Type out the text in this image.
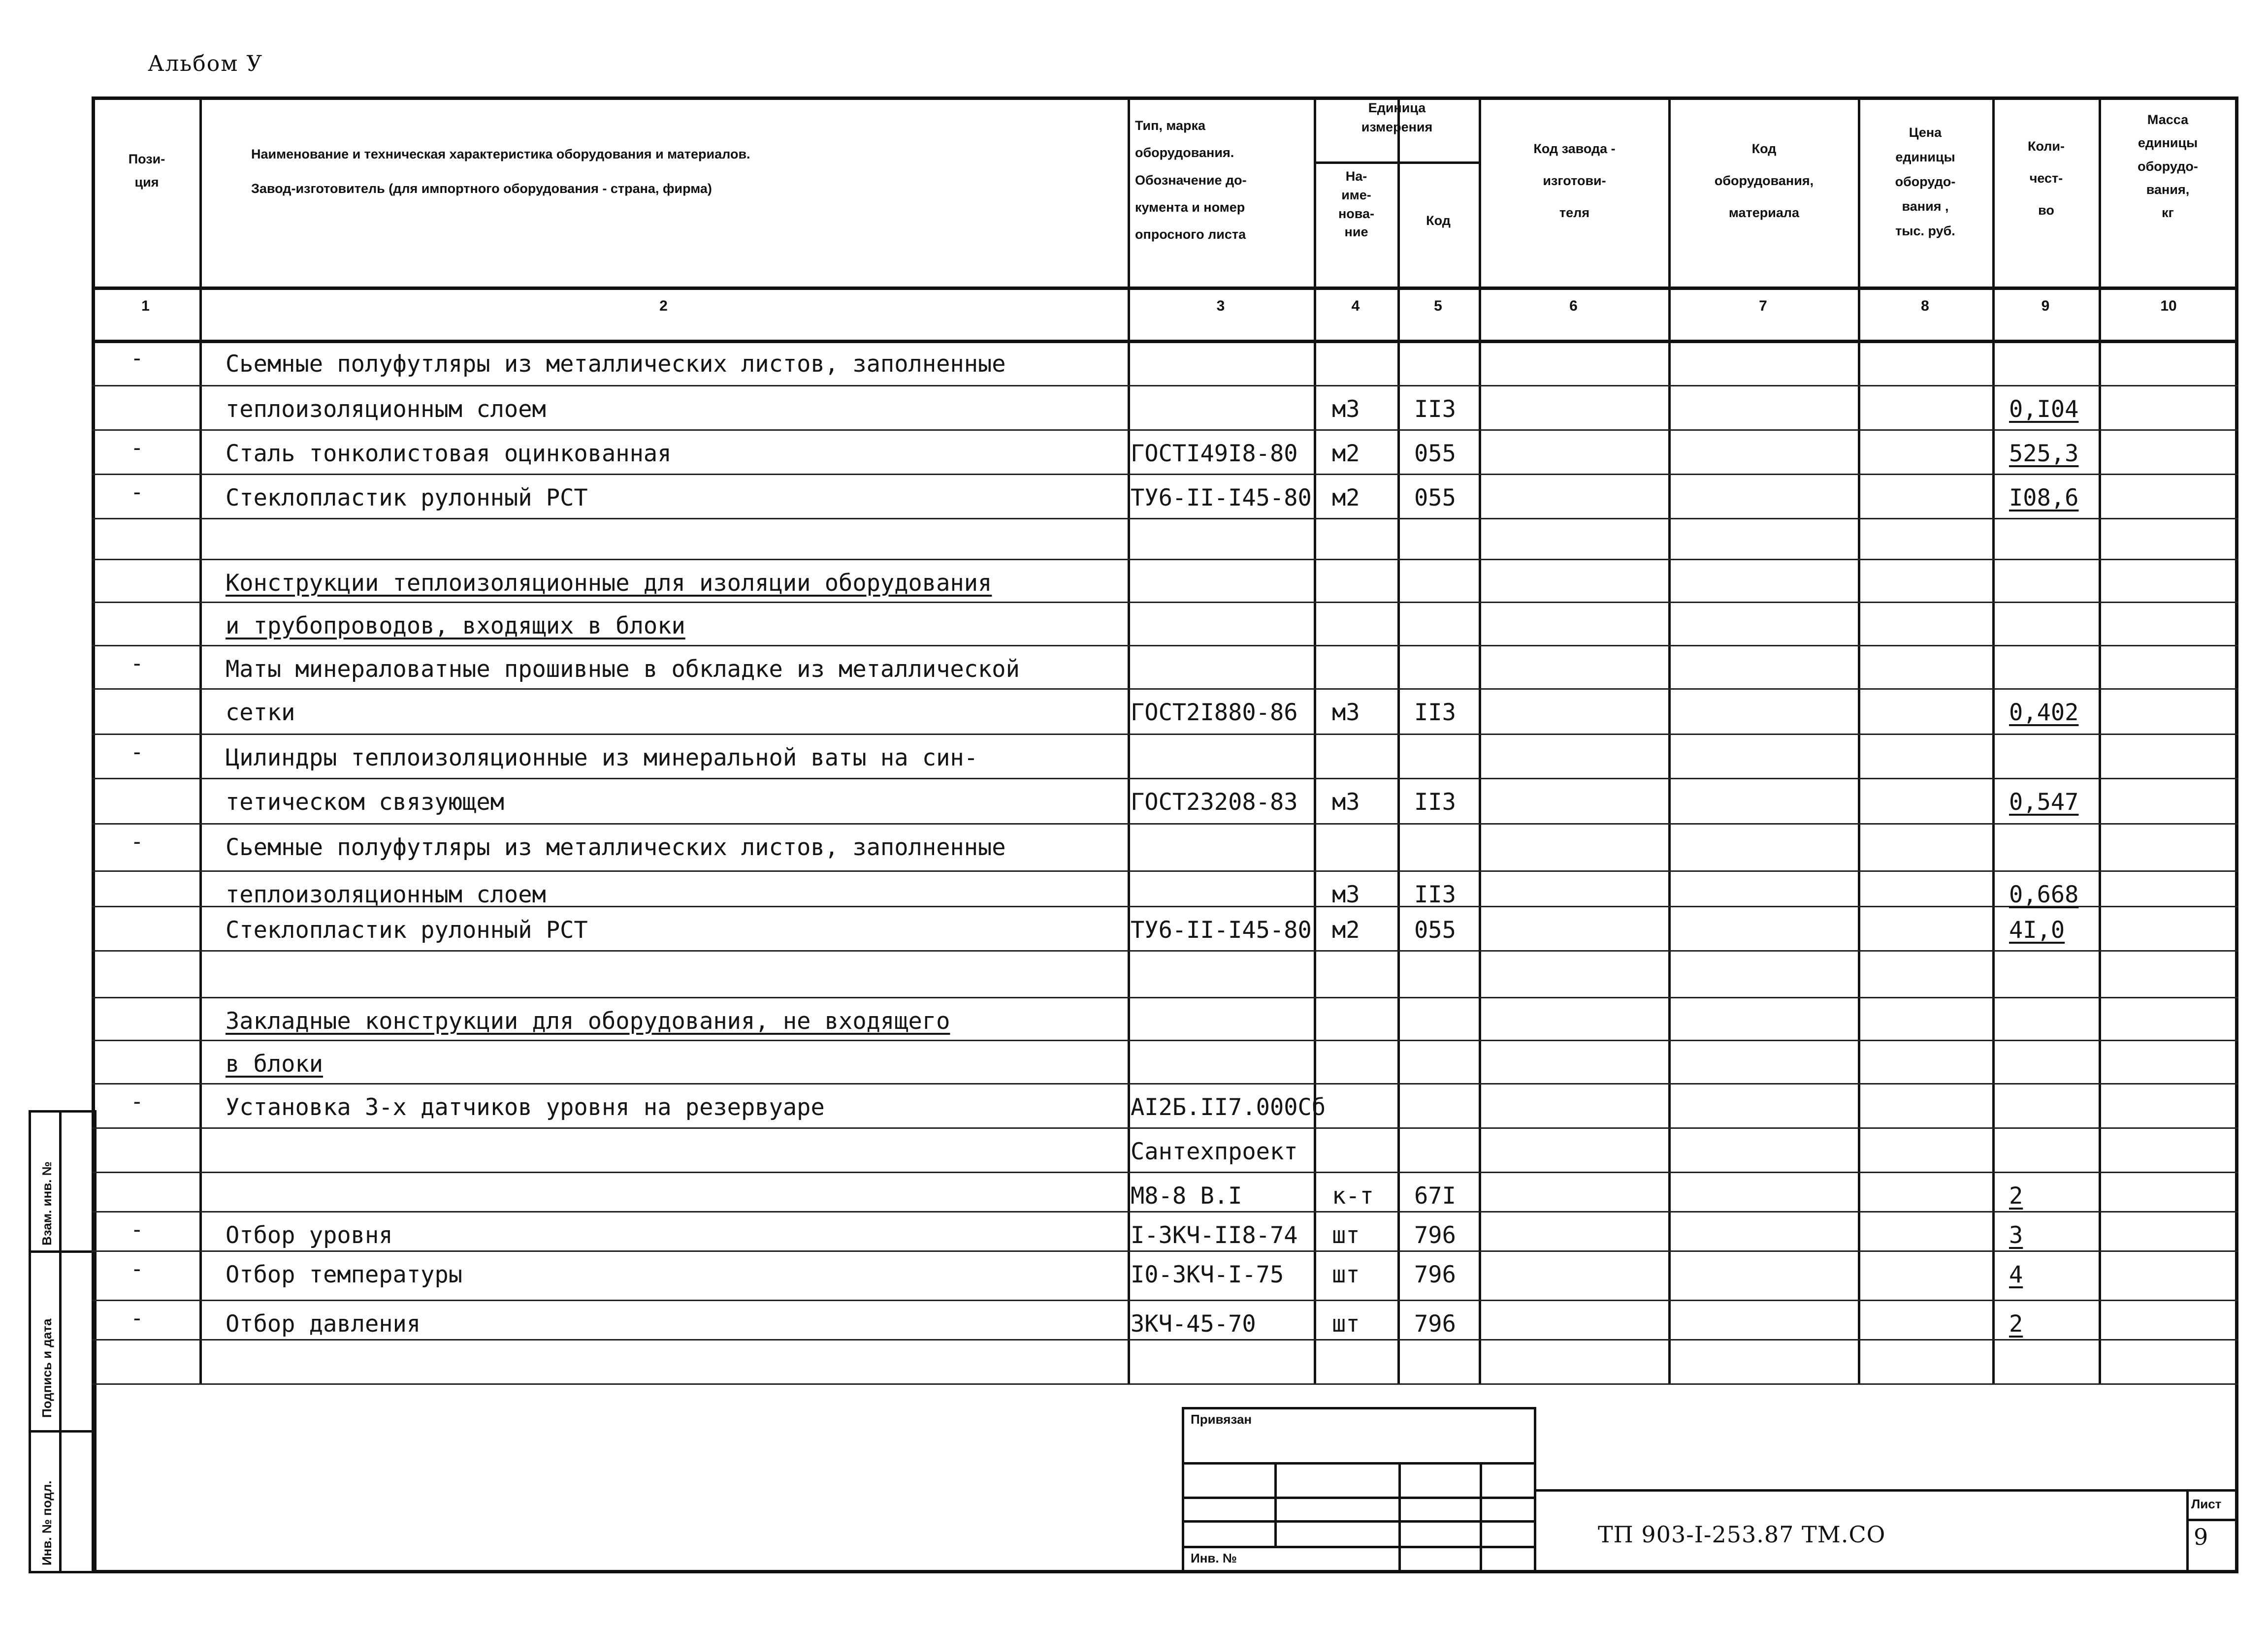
Альбом У
Взам. инв. №
Подпись и дата
Инв. № подл.
Пози-
ция
Наименование и техническая характеристика оборудования и материалов.
Завод-изготовитель (для импортного оборудования - страна, фирма)
Тип, марка
оборудования.
Обозначение до-
кумента и номер
опросного листа
Единица
измерения
На-
име-
нова-
ние
Код
Код завода -
изготови-
теля
Код
оборудования,
материала
Цена
единицы
оборудо-
вания ,
тыс. руб.
Коли-
чест-
во
Масса
единицы
оборудо-
вания,
кг
1	2	3	4	5	6	7	8	9	10
-	Сьемные полуфутляры из металлических листов, заполненные
теплоизоляционным слоем	м3 II3	0,I04
-	Сталь тонколистовая оцинкованная	ГОСТI49I8-80 м2 055	525,3
-	Стеклопластик рулонный РСТ	ТУ6-II-I45-80 м2 055	I08,6
Конструкции теплоизоляционные для изоляции оборудования
и трубопроводов, входящих в блоки
-	Маты минераловатные прошивные в обкладке из металлической
сетки	ГОСТ2I880-86 м3 II3	0,402
-	Цилиндры теплоизоляционные из минеральной ваты на син-
тетическом связующем	ГОСТ23208-83 м3 II3	0,547
-	Сьемные полуфутляры из металлических листов, заполненные
теплоизоляционным слоем	м3 II3	0,668
Стеклопластик рулонный РСТ	ТУ6-II-I45-80 м2 055	4I,0
Закладные конструкции для оборудования, не входящего
в блоки
-	Установка 3-х датчиков уровня на резервуаре	AI2Б.II7.000Cб
Сантехпроект
М8-8 В.I	к-т 67I	2
-	Отбор уровня	I-3КЧ-II8-74 шт 796	3
-	Отбор температуры	I0-3КЧ-I-75 шт 796	4
-	Отбор давления	3КЧ-45-70	шт 796	2
Привязан
Инв. №
ТП 903-I-253.87 ТМ.СО
Лист
9
